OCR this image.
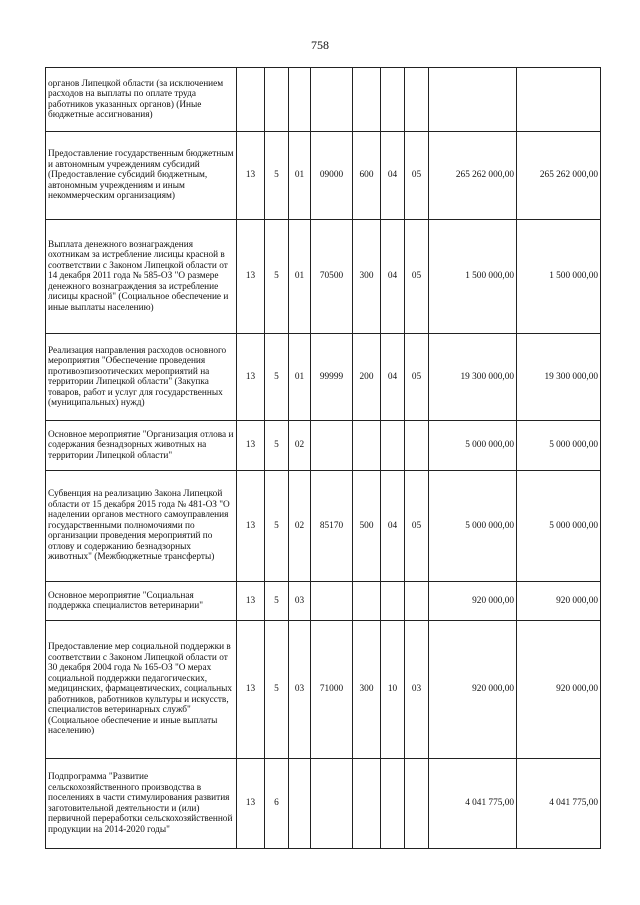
758
органов Липецкой области (за исключением расходов на выплаты по оплате труда работников указанных органов) (Иные бюджетные ассигнования)									
Предоставление государственным бюджетным и автономным учреждениям субсидий (Предоставление субсидий бюджетным, автономным учреждениям и иным некоммерческим организациям)	13	5	01	09000	600	04	05	265 262 000,00	265 262 000,00
Выплата денежного вознаграждения охотникам за истребление лисицы красной в соответствии с Законом Липецкой области от 14 декабря 2011 года № 585-ОЗ "О размере денежного вознаграждения за истребление лисицы красной" (Социальное обеспечение и иные выплаты населению)	13	5	01	70500	300	04	05	1 500 000,00	1 500 000,00
Реализация направления расходов основного мероприятия "Обеспечение проведения противоэпизоотических мероприятий на территории Липецкой области" (Закупка товаров, работ и услуг для государственных (муниципальных) нужд)	13	5	01	99999	200	04	05	19 300 000,00	19 300 000,00
Основное мероприятие "Организация отлова и содержания безнадзорных животных на территории Липецкой области"	13	5	02					5 000 000,00	5 000 000,00
Субвенция на реализацию Закона Липецкой области от 15 декабря 2015 года № 481-ОЗ "О наделении органов местного самоуправления государственными полномочиями по организации проведения мероприятий по отлову и содержанию безнадзорных животных" (Межбюджетные трансферты)	13	5	02	85170	500	04	05	5 000 000,00	5 000 000,00
Основное мероприятие "Социальная поддержка специалистов ветеринарии"	13	5	03					920 000,00	920 000,00
Предоставление мер социальной поддержки в соответствии с Законом Липецкой области от 30 декабря 2004 года № 165-ОЗ "О мерах социальной поддержки педагогических, медицинских, фармацевтических, социальных работников, работников культуры и искусств, специалистов ветеринарных служб" (Социальное обеспечение и иные выплаты населению)	13	5	03	71000	300	10	03	920 000,00	920 000,00
Подпрограмма "Развитие сельскохозяйственного производства в поселениях в части стимулирования развития заготовительной деятельности и (или) первичной переработки сельскохозяйственной продукции на 2014-2020 годы"	13	6						4 041 775,00	4 041 775,00
